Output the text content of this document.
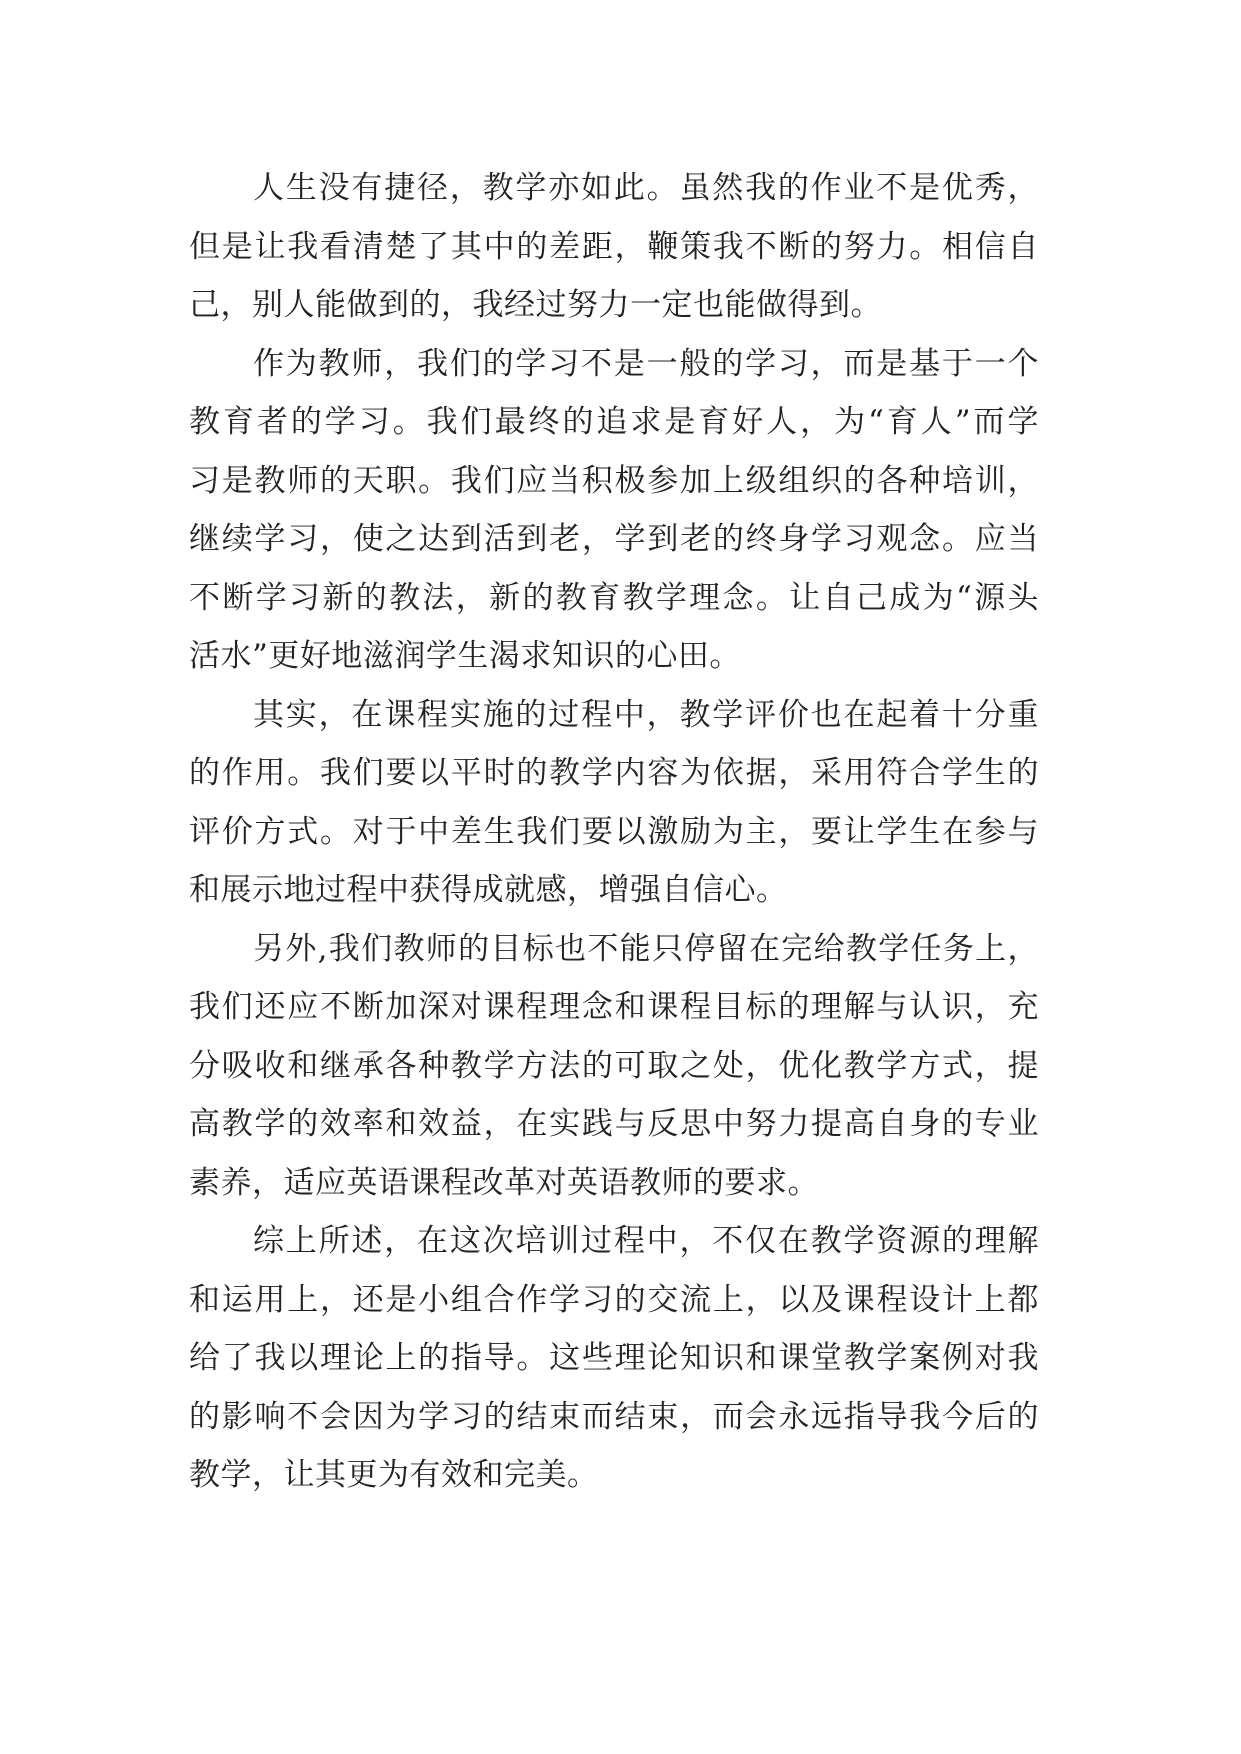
人生没有捷径，教学亦如此。虽然我的作业不是优秀，
但是让我看清楚了其中的差距，鞭策我不断的努力。相信自
己，别人能做到的，我经过努力一定也能做得到。
作为教师，我们的学习不是一般的学习，而是基于一个
教育者的学习。我们最终的追求是育好人，为“育人”而学
习是教师的天职。我们应当积极参加上级组织的各种培训，
继续学习，使之达到活到老，学到老的终身学习观念。应当
不断学习新的教法，新的教育教学理念。让自己成为“源头
活水”更好地滋润学生渴求知识的心田。
其实，在课程实施的过程中，教学评价也在起着十分重
的作用。我们要以平时的教学内容为依据，采用符合学生的
评价方式。对于中差生我们要以激励为主，要让学生在参与
和展示地过程中获得成就感，增强自信心。
另外,我们教师的目标也不能只停留在完给教学任务上，
我们还应不断加深对课程理念和课程目标的理解与认识，充
分吸收和继承各种教学方法的可取之处，优化教学方式，提
高教学的效率和效益，在实践与反思中努力提高自身的专业
素养，适应英语课程改革对英语教师的要求。
综上所述，在这次培训过程中，不仅在教学资源的理解
和运用上，还是小组合作学习的交流上，以及课程设计上都
给了我以理论上的指导。这些理论知识和课堂教学案例对我
的影响不会因为学习的结束而结束，而会永远指导我今后的
教学，让其更为有效和完美。
